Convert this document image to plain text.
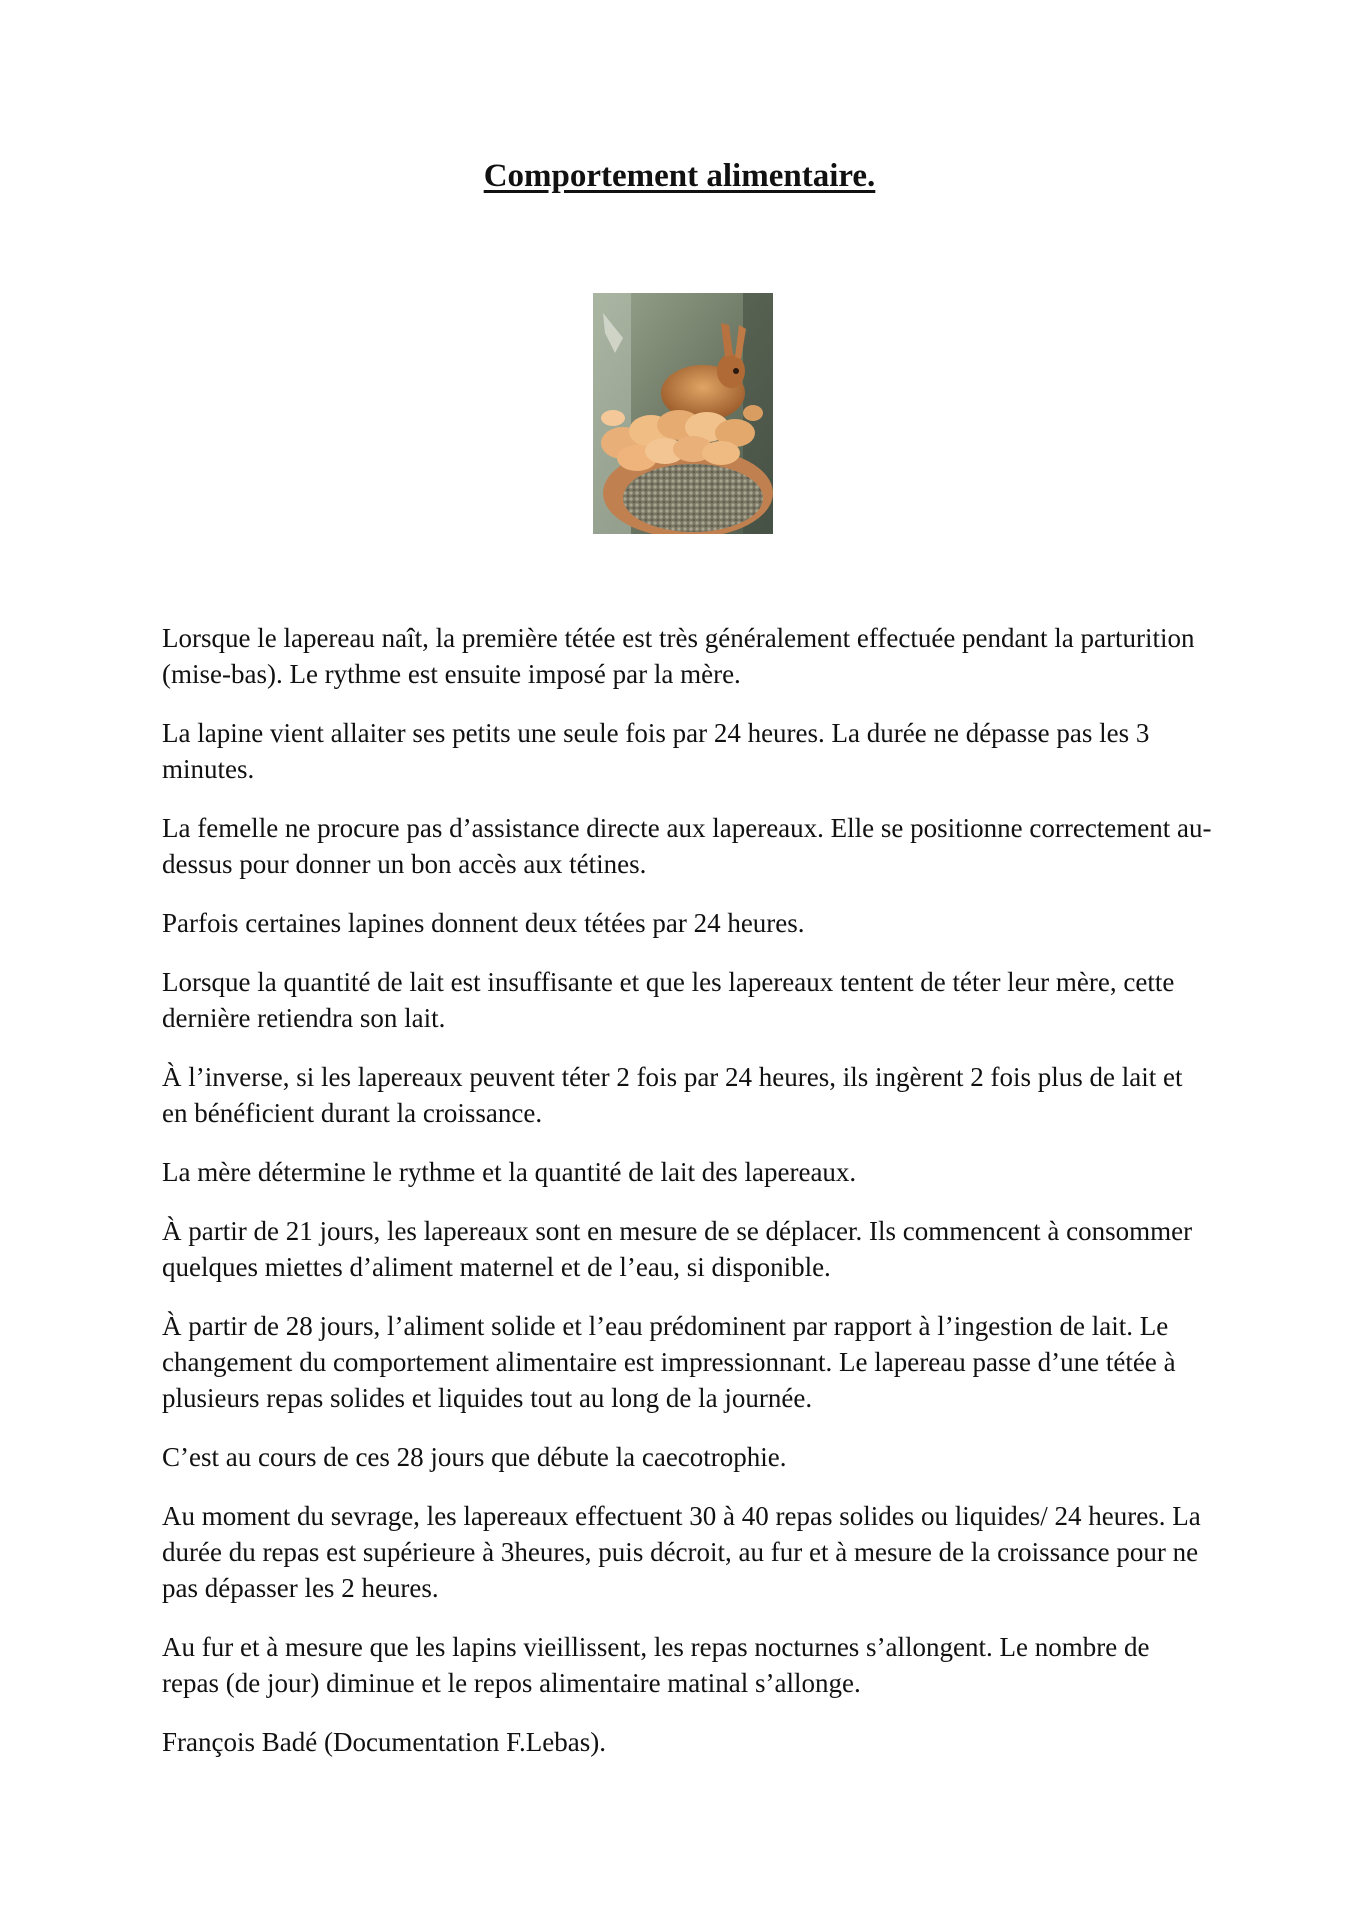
Comportement alimentaire.

Lorsque le lapereau naît, la première tétée est très généralement effectuée pendant la parturition (mise-bas). Le rythme est ensuite imposé par la mère.

La lapine vient allaiter ses petits une seule fois par 24 heures. La durée ne dépasse pas les 3 minutes.

La femelle ne procure pas d’assistance directe aux lapereaux. Elle se positionne correctement au-dessus pour donner un bon accès aux tétines.

Parfois certaines lapines donnent deux tétées par 24 heures.

Lorsque la quantité de lait est insuffisante et que les lapereaux tentent de téter leur mère, cette dernière retiendra son lait.

À l’inverse, si les lapereaux peuvent téter 2 fois par 24 heures, ils ingèrent 2 fois plus de lait et en bénéficient durant la croissance.

La mère détermine le rythme et la quantité de lait des lapereaux.

À partir de 21 jours, les lapereaux sont en mesure de se déplacer. Ils commencent à consommer quelques miettes d’aliment maternel et de l’eau, si disponible.

À partir de 28 jours, l’aliment solide et l’eau prédominent par rapport à l’ingestion de lait. Le changement du comportement alimentaire est impressionnant. Le lapereau passe d’une tétée à plusieurs repas solides et liquides tout au long de la journée.

C’est au cours de ces 28 jours que débute la caecotrophie.

Au moment du sevrage, les lapereaux effectuent 30 à 40 repas solides ou liquides/ 24 heures. La durée du repas est supérieure à 3heures, puis décroit, au fur et à mesure de la croissance pour ne pas dépasser les 2 heures.

Au fur et à mesure que les lapins vieillissent, les repas nocturnes s’allongent. Le nombre de repas (de jour) diminue et le repos alimentaire matinal s’allonge.

François Badé (Documentation F.Lebas).
